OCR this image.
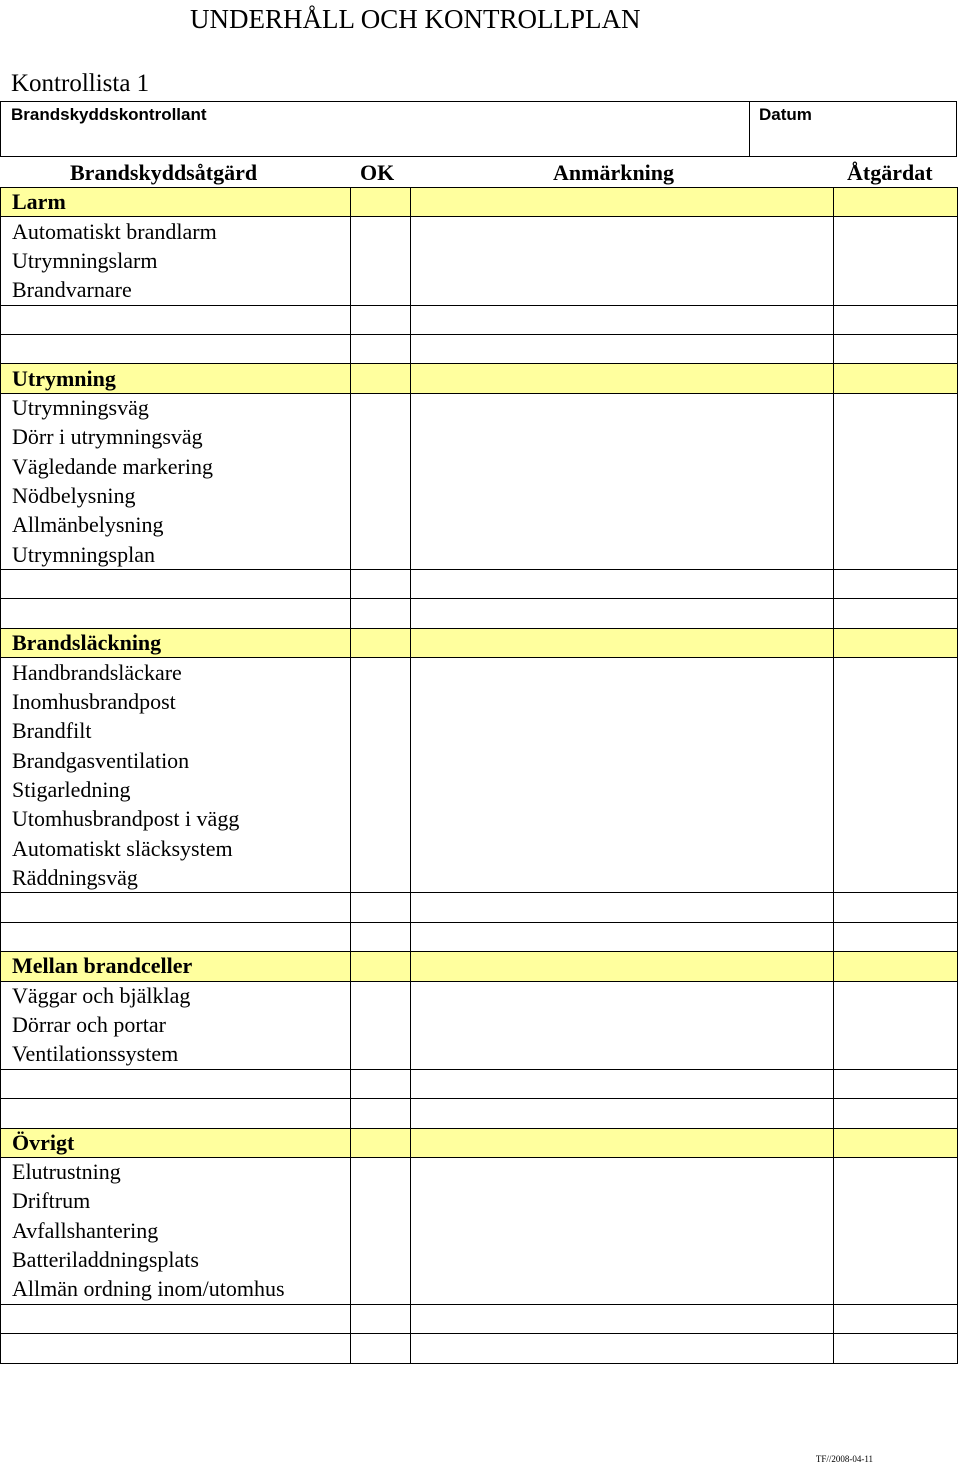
UNDERHÅLL OCH KONTROLLPLAN
Kontrollista 1
Brandskyddskontrollant	Datum
Brandskyddsåtgärd	OK	Anmärkning	Åtgärdat
Larm			
Automatiskt brandlarm			
Utrymningslarm			
Brandvarnare			

Utrymning			
Utrymningsväg			
Dörr i utrymningsväg			
Vägledande markering			
Nödbelysning			
Allmänbelysning			
Utrymningsplan			

Brandsläckning			
Handbrandsläckare			
Inomhusbrandpost			
Brandfilt			
Brandgasventilation			
Stigarledning			
Utomhusbrandpost i vägg			
Automatiskt släcksystem			
Räddningsväg			

Mellan brandceller			
Väggar och bjälklag			
Dörrar och portar			
Ventilationssystem			

Övrigt			
Elutrustning			
Driftrum			
Avfallshantering			
Batteriladdningsplats			
Allmän ordning inom/utomhus			

TF//2008-04-11
